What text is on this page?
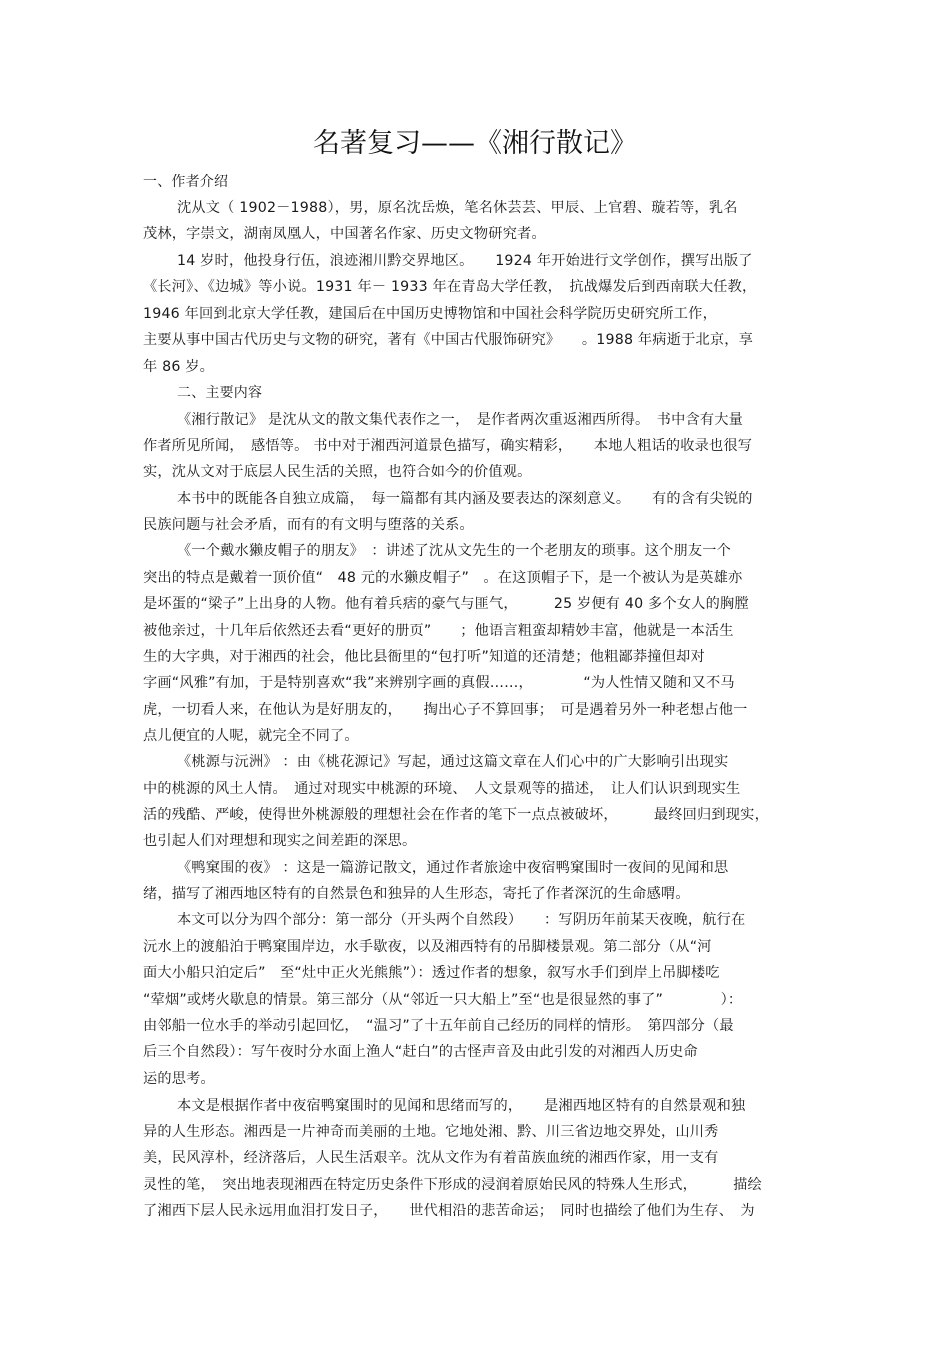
名著复习——《湘行散记》
一、作者介绍
沈从文（ 1902－1988），男，原名沈岳焕，笔名休芸芸、甲辰、上官碧、璇若等，乳名
茂林，字崇文，湖南凤凰人，中国著名作家、历史文物研究者。
14 岁时，他投身行伍，浪迹湘川黔交界地区。　　1924 年开始进行文学创作，撰写出版了
《长河》、《边城》等小说。1931 年－ 1933 年在青岛大学任教，　抗战爆发后到西南联大任教，
1946 年回到北京大学任教，建国后在中国历史博物馆和中国社会科学院历史研究所工作，
主要从事中国古代历史与文物的研究，著有《中国古代服饰研究》　　。1988 年病逝于北京，享
年 86 岁。
二、主要内容
《湘行散记》 是沈从文的散文集代表作之一，　是作者两次重返湘西所得。　书中含有大量
作者所见所闻，　感悟等。 书中对于湘西河道景色描写，确实精彩，　　本地人粗话的收录也很写
实，沈从文对于底层人民生活的关照，也符合如今的价值观。
本书中的既能各自独立成篇，　每一篇都有其内涵及要表达的深刻意义。　　有的含有尖锐的
民族问题与社会矛盾，而有的有文明与堕落的关系。
《一个戴水獭皮帽子的朋友》　：讲述了沈从文先生的一个老朋友的琐事。这个朋友一个
突出的特点是戴着一顶价值“　48 元的水獭皮帽子”　。在这顶帽子下，是一个被认为是英雄亦
是坏蛋的“梁子”上出身的人物。他有着兵痞的豪气与匪气，　　　25 岁便有 40 多个女人的胸膛
被他亲过，十几年后依然还去看“更好的册页”　　；他语言粗蛮却精妙丰富，他就是一本活生
生的大字典，对于湘西的社会，他比县衙里的“包打听”知道的还清楚；他粗鄙莽撞但却对
字画“风雅”有加，于是特别喜欢“我”来辨别字画的真假……，　　　　“为人性情又随和又不马
虎，一切看人来，在他认为是好朋友的，　　掏出心子不算回事；　可是遇着另外一种老想占他一
点儿便宜的人呢，就完全不同了。
《桃源与沅洲》 ：由《桃花源记》写起，通过这篇文章在人们心中的广大影响引出现实
中的桃源的风土人情。　通过对现实中桃源的环境、　人文景观等的描述，　让人们认识到现实生
活的残酷、严峻，使得世外桃源般的理想社会在作者的笔下一点点被破坏，　　　最终回归到现实，
也引起人们对理想和现实之间差距的深思。
《鸭窠围的夜》 ：这是一篇游记散文，通过作者旅途中夜宿鸭窠围时一夜间的见闻和思
绪，描写了湘西地区特有的自然景色和独异的人生形态，寄托了作者深沉的生命感喟。
本文可以分为四个部分：第一部分（开头两个自然段）　　：写阴历年前某天夜晚，航行在
沅水上的渡船泊于鸭窠围岸边，水手歇夜，以及湘西特有的吊脚楼景观。第二部分（从“河
面大小船只泊定后”　至“灶中正火光熊熊”）：透过作者的想象，叙写水手们到岸上吊脚楼吃
“荤烟”或烤火歇息的情景。第三部分（从“邻近一只大船上”至“也是很显然的事了”　　　　）：
由邻船一位水手的举动引起回忆，　“温习”了十五年前自己经历的同样的情形。　第四部分（最
后三个自然段）：写午夜时分水面上渔人“赶白”的古怪声音及由此引发的对湘西人历史命
运的思考。
本文是根据作者中夜宿鸭窠围时的见闻和思绪而写的，　　是湘西地区特有的自然景观和独
异的人生形态。湘西是一片神奇而美丽的土地。它地处湘、黔、川三省边地交界处，山川秀
美，民风淳朴，经济落后，人民生活艰辛。沈从文作为有着苗族血统的湘西作家，用一支有
灵性的笔，　突出地表现湘西在特定历史条件下形成的浸润着原始民风的特殊人生形式，　　　描绘
了湘西下层人民永远用血泪打发日子，　　世代相沿的悲苦命运；　同时也描绘了他们为生存、　为
